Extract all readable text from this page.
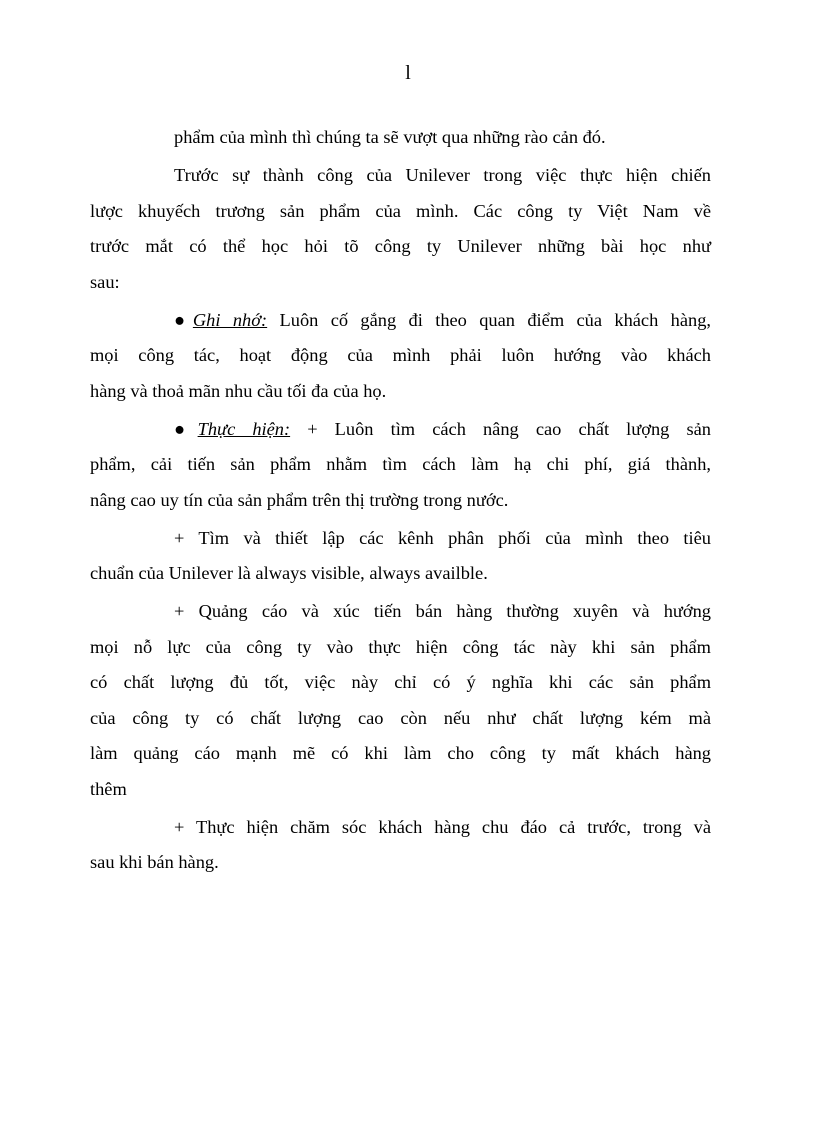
l

phẩm của mình thì chúng ta sẽ vượt qua những rào cản đó.

Trước sự thành công của Unilever trong việc thực hiện chiến
lược khuyếch trương sản phẩm của mình. Các công ty Việt Nam về
trước mắt có thể học hỏi tõ công ty Unilever những bài học như
sau:

●Ghi nhớ: Luôn cố gắng đi theo quan điểm của khách hàng,
mọi công tác, hoạt động của mình phải luôn hướng vào khách
hàng và thoả mãn nhu cầu tối đa của họ.

●Thực hiện: + Luôn tìm cách nâng cao chất lượng sản
phẩm, cải tiến sản phẩm nhằm tìm cách làm hạ chi phí, giá thành,
nâng cao uy tín của sản phẩm trên thị trường trong nước.

+ Tìm và thiết lập các kênh phân phối của mình theo tiêu
chuẩn của Unilever là always visible, always availble.

+ Quảng cáo và xúc tiến bán hàng thường xuyên và hướng
mọi nỗ lực của công ty vào thực hiện công tác này khi sản phẩm
có chất lượng đủ tốt, việc này chỉ có ý nghĩa khi các sản phẩm
của công ty có chất lượng cao còn nếu như chất lượng kém mà
làm quảng cáo mạnh mẽ có khi làm cho công ty mất khách hàng
thêm

+ Thực hiện chăm sóc khách hàng chu đáo cả trước, trong và
sau khi bán hàng.
